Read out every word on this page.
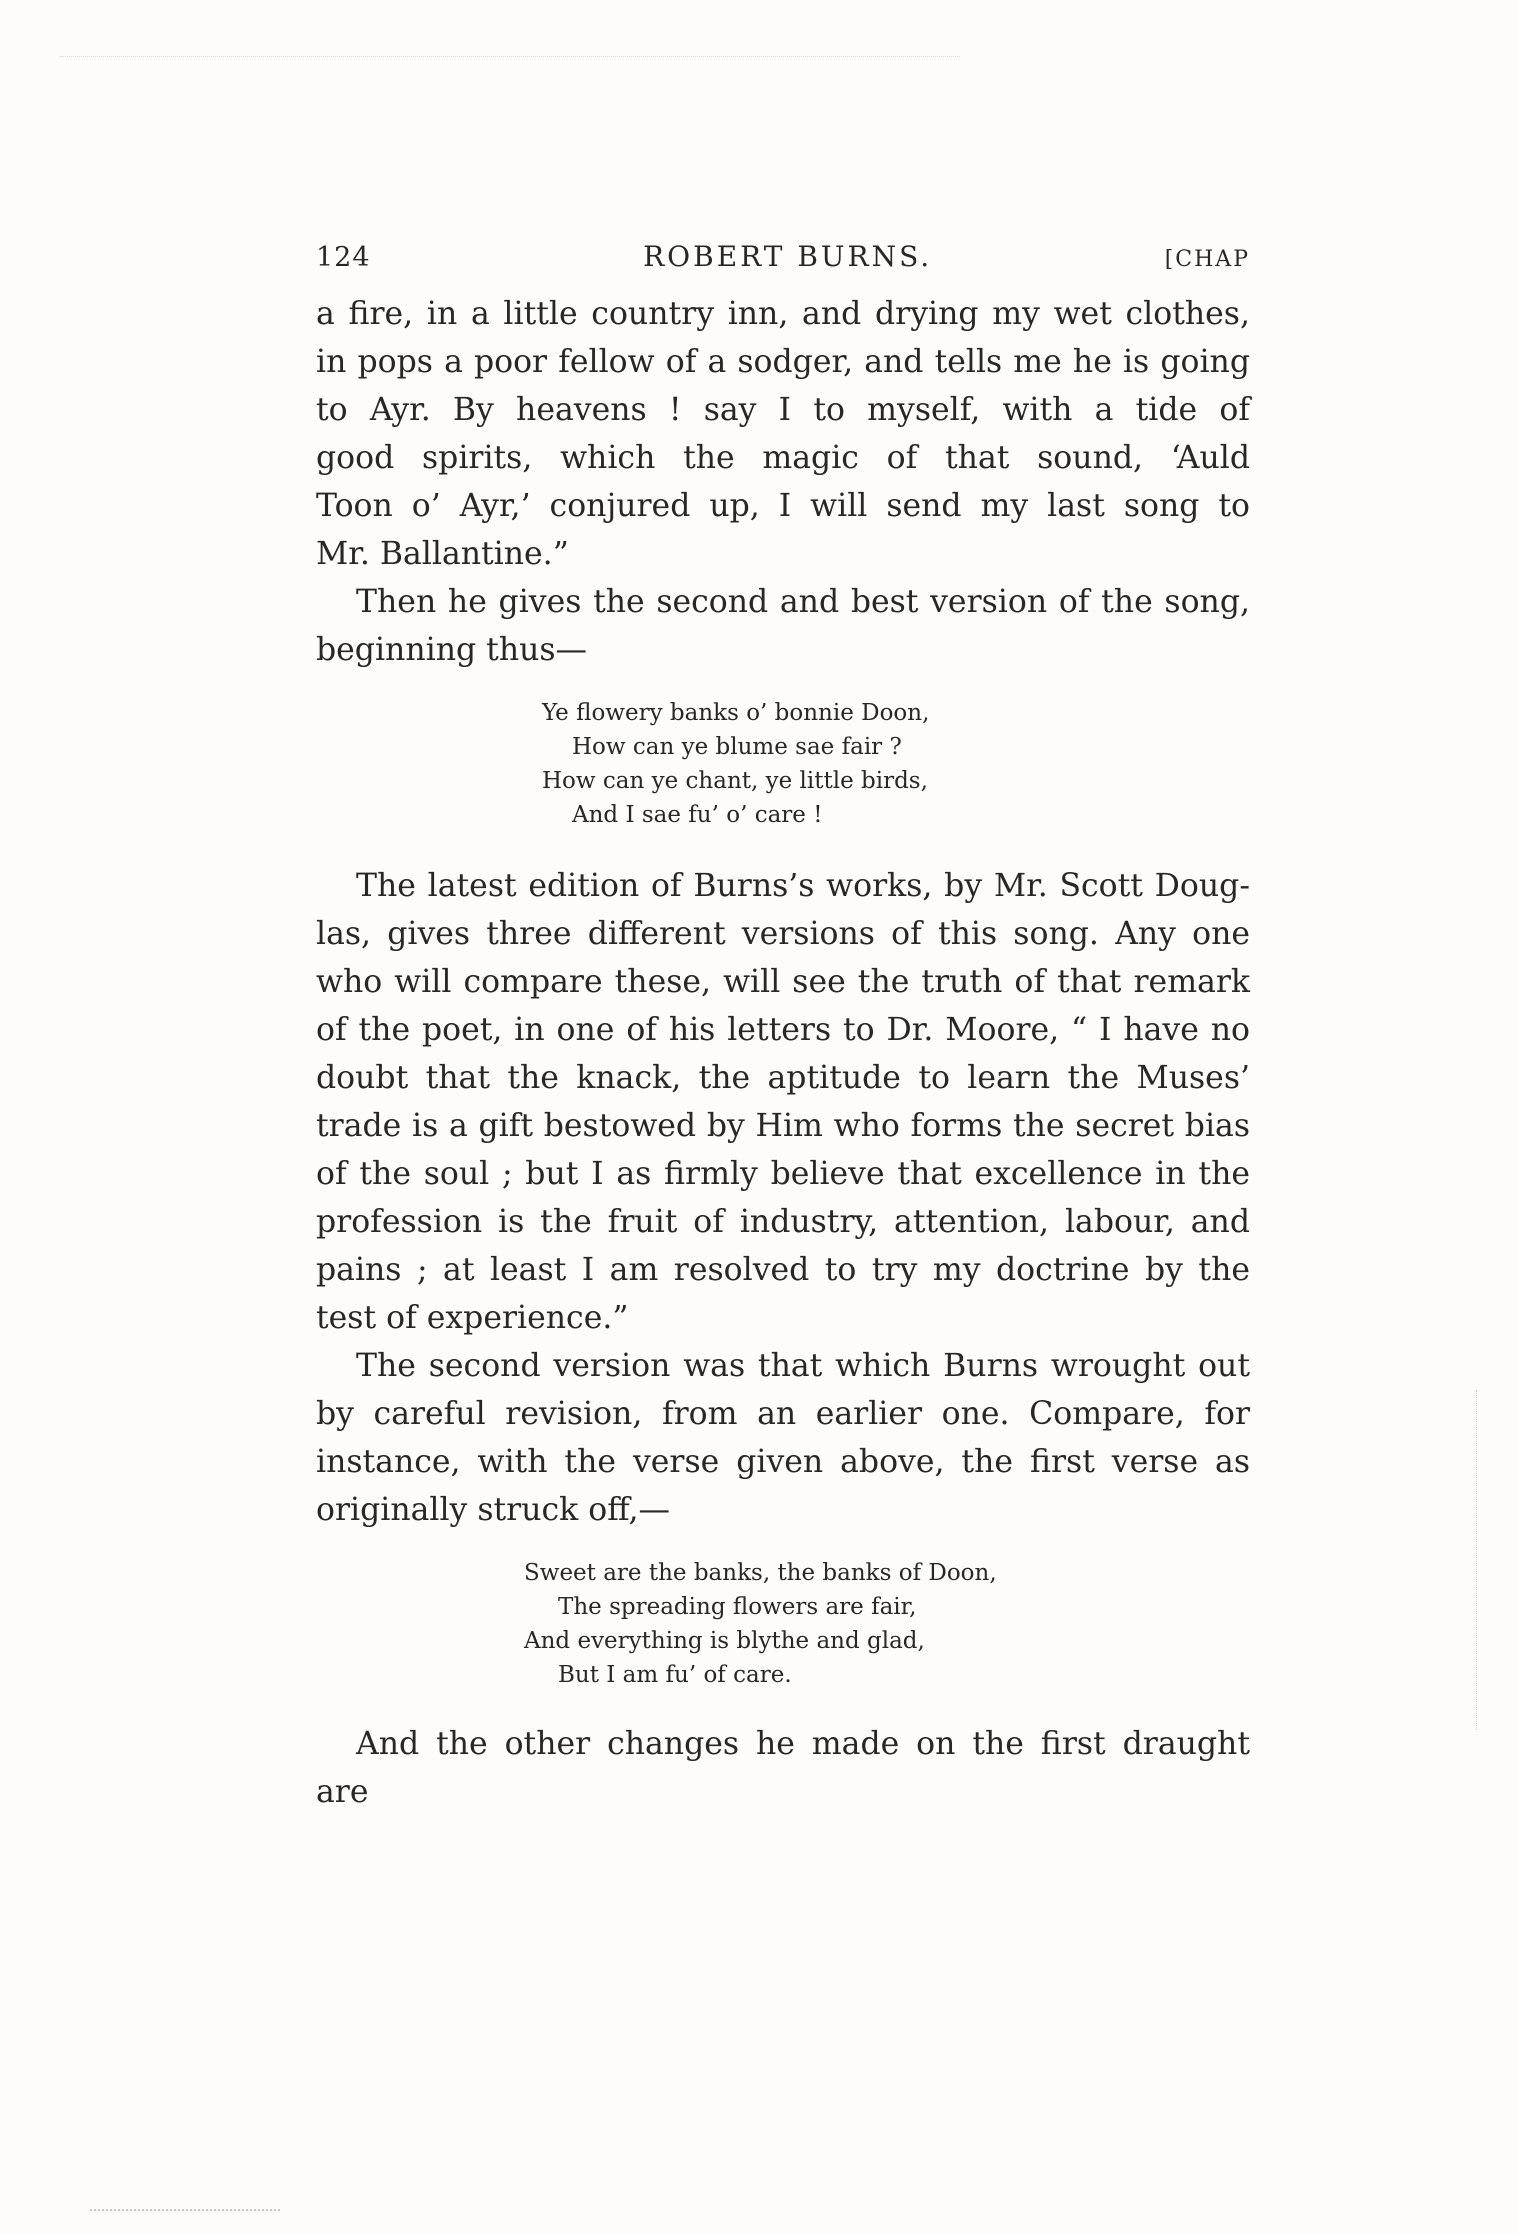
124	ROBERT BURNS.	[CHAP

a fire, in a little country inn, and drying my wet clothes,

in pops a poor fellow of a sodger, and tells me he is going

to Ayr. By heavens ! say I to myself, with a tide of

good spirits, which the magic of that sound, ‘Auld

Toon o’ Ayr,’ conjured up, I will send my last song to

Mr. Ballantine.”

Then he gives the second and best version of the song,

beginning thus—

Ye flowery banks o’ bonnie Doon,
How can ye blume sae fair ?
How can ye chant, ye little birds,
And I sae fu’ o’ care !

The latest edition of Burns’s works, by Mr. Scott Doug-

las, gives three different versions of this song. Any one

who will compare these, will see the truth of that remark

of the poet, in one of his letters to Dr. Moore, “ I have no

doubt that the knack, the aptitude to learn the Muses’

trade is a gift bestowed by Him who forms the secret bias

of the soul ; but I as firmly believe that excellence in the

profession is the fruit of industry, attention, labour, and

pains ; at least I am resolved to try my doctrine by the

test of experience.”

The second version was that which Burns wrought out

by careful revision, from an earlier one. Compare, for

instance, with the verse given above, the first verse as

originally struck off,—

Sweet are the banks, the banks of Doon,
The spreading flowers are fair,
And everything is blythe and glad,
But I am fu’ of care.

And the other changes he made on the first draught are
